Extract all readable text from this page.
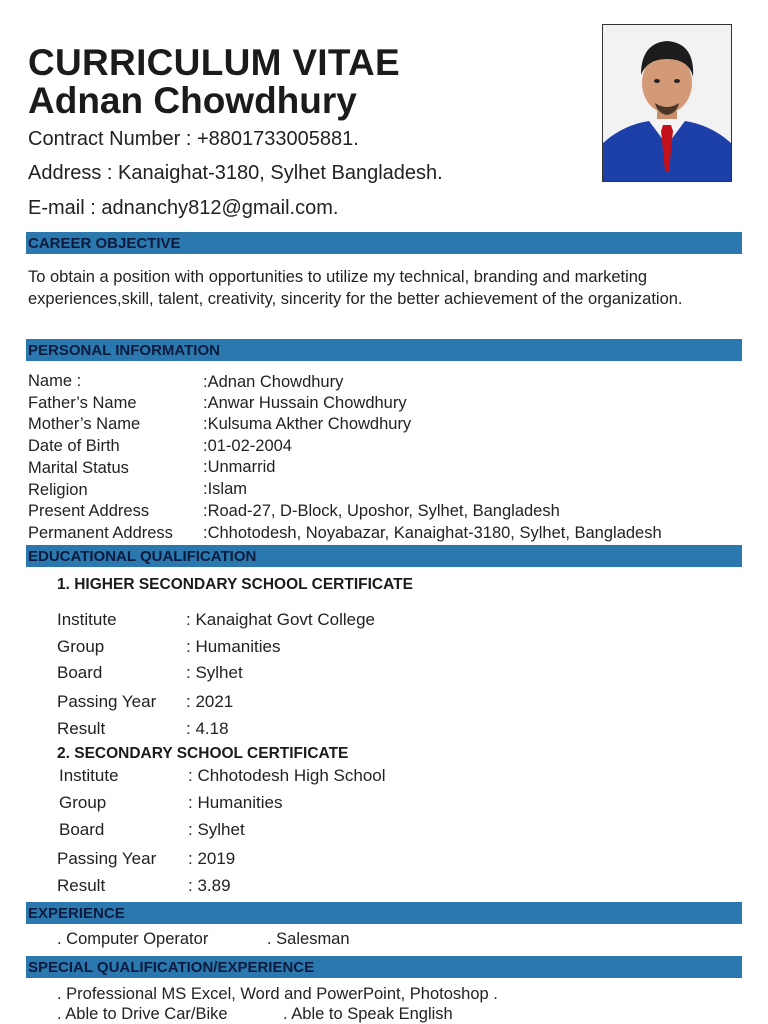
CURRICULUM VITAE
Adnan Chowdhury
Contract Number : +8801733005881.
Address : Kanaighat-3180, Sylhet Bangladesh.
E-mail : adnanchy812@gmail.com.
CAREER OBJECTIVE
To obtain a position with opportunities to utilize my technical, branding and marketing experiences,skill, talent, creativity, sincerity for the better achievement of the organization.
PERSONAL INFORMATION
Name :	:Adnan Chowdhury
Father’s Name	:Anwar Hussain Chowdhury
Mother’s Name	:Kulsuma Akther Chowdhury
Date of Birth	:01-02-2004
Marital Status	:Unmarrid
Religion	:Islam
Present Address	:Road-27, D-Block, Uposhor, Sylhet, Bangladesh
Permanent Address :Chhotodesh, Noyabazar, Kanaighat-3180, Sylhet, Bangladesh
EDUCATIONAL QUALIFICATION
1. HIGHER SECONDARY SCHOOL CERTIFICATE
Institute	: Kanaighat Govt College
Group	: Humanities
Board	: Sylhet
Passing Year : 2021
Result	: 4.18
2. SECONDARY SCHOOL CERTIFICATE
Institute	: Chhotodesh High School
Group	: Humanities
Board	: Sylhet
Passing Year : 2019
Result	: 3.89
EXPERIENCE
. Computer Operator	. Salesman
SPECIAL QUALIFICATION/EXPERIENCE
. Professional MS Excel, Word and PowerPoint, Photoshop .
. Able to Drive Car/Bike	. Able to Speak English
